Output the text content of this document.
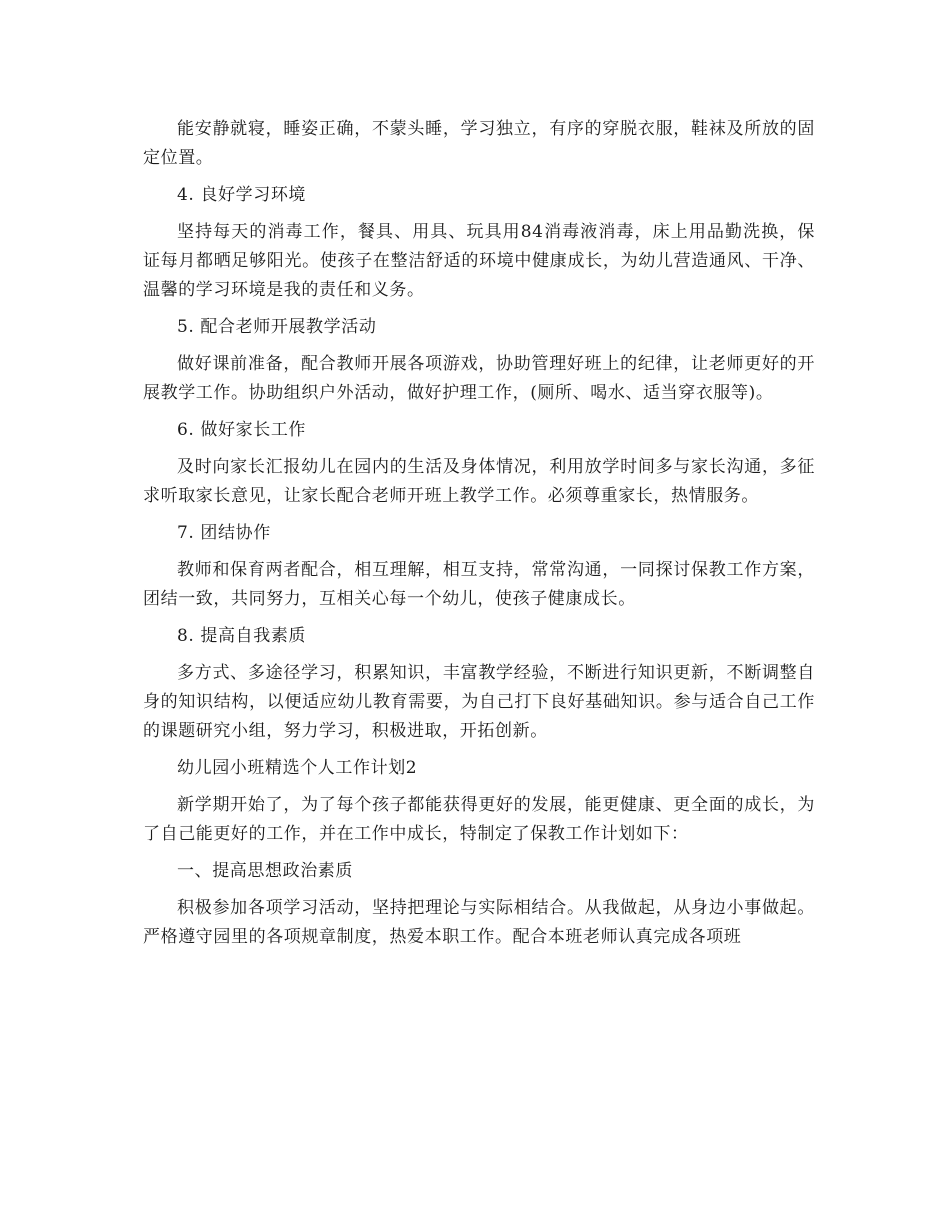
能安静就寝，睡姿正确，不蒙头睡，学习独立，有序的穿脱衣服，鞋袜及所放的固定位置。

4. 良好学习环境

坚持每天的消毒工作，餐具、用具、玩具用84消毒液消毒，床上用品勤洗换，保证每月都晒足够阳光。使孩子在整洁舒适的环境中健康成长，为幼儿营造通风、干净、温馨的学习环境是我的责任和义务。

5. 配合老师开展教学活动

做好课前准备，配合教师开展各项游戏，协助管理好班上的纪律，让老师更好的开展教学工作。协助组织户外活动，做好护理工作，(厕所、喝水、适当穿衣服等)。

6. 做好家长工作

及时向家长汇报幼儿在园内的生活及身体情况，利用放学时间多与家长沟通，多征求听取家长意见，让家长配合老师开班上教学工作。必须尊重家长，热情服务。

7. 团结协作

教师和保育两者配合，相互理解，相互支持，常常沟通，一同探讨保教工作方案，团结一致，共同努力，互相关心每一个幼儿，使孩子健康成长。

8. 提高自我素质

多方式、多途径学习，积累知识，丰富教学经验，不断进行知识更新，不断调整自身的知识结构，以便适应幼儿教育需要，为自己打下良好基础知识。参与适合自己工作的课题研究小组，努力学习，积极进取，开拓创新。

幼儿园小班精选个人工作计划2

新学期开始了，为了每个孩子都能获得更好的发展，能更健康、更全面的成长，为了自己能更好的工作，并在工作中成长，特制定了保教工作计划如下：

一、提高思想政治素质

积极参加各项学习活动，坚持把理论与实际相结合。从我做起，从身边小事做起。严格遵守园里的各项规章制度，热爱本职工作。配合本班老师认真完成各项班
